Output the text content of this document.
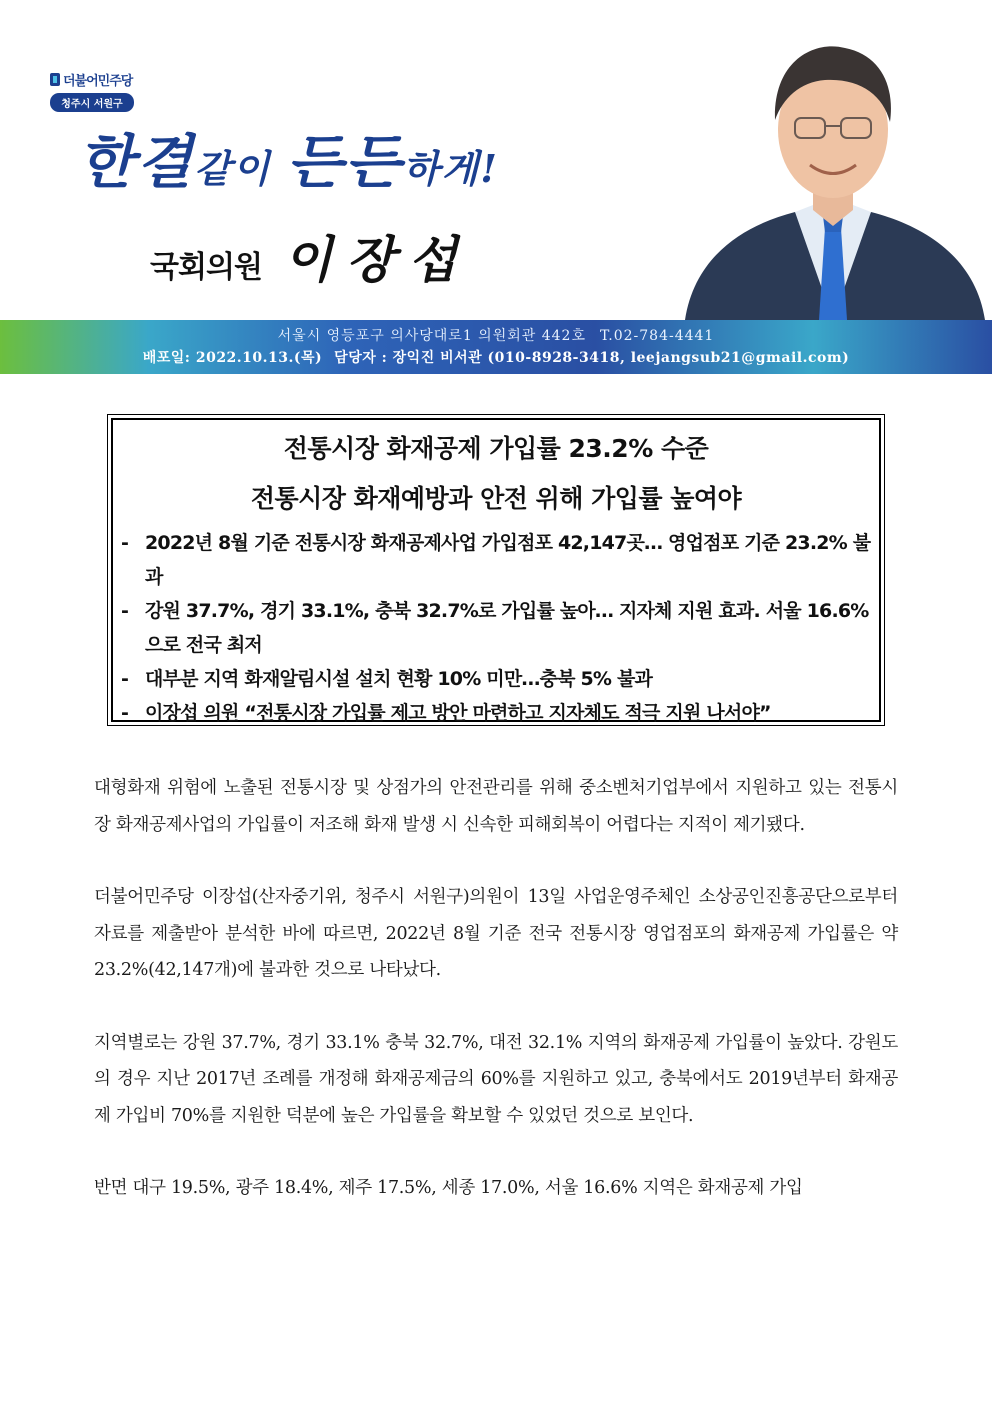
더불어민주당
청주시 서원구
한결같이 든든하게!
국회의원 이장섭
서울시 영등포구 의사당대로1 의원회관 442호 T.02-784-4441
배포일: 2022.10.13.(목) 담당자 : 장익진 비서관 (010-8928-3418, leejangsub21@gmail.com)
전통시장 화재공제 가입률 23.2% 수준
전통시장 화재예방과 안전 위해 가입률 높여야
- 2022년 8월 기준 전통시장 화재공제사업 가입점포 42,147곳… 영업점포 기준 23.2% 불과
- 강원 37.7%, 경기 33.1%, 충북 32.7%로 가입률 높아… 지자체 지원 효과. 서울 16.6%으로 전국 최저
- 대부분 지역 화재알림시설 설치 현황 10% 미만…충북 5% 불과
- 이장섭 의원 “전통시장 가입률 제고 방안 마련하고 지자체도 적극 지원 나서야”

대형화재 위험에 노출된 전통시장 및 상점가의 안전관리를 위해 중소벤처기업부에서 지원하고 있는 전통시장 화재공제사업의 가입률이 저조해 화재 발생 시 신속한 피해회복이 어렵다는 지적이 제기됐다.

더불어민주당 이장섭(산자중기위, 청주시 서원구)의원이 13일 사업운영주체인 소상공인진흥공단으로부터 자료를 제출받아 분석한 바에 따르면, 2022년 8월 기준 전국 전통시장 영업점포의 화재공제 가입률은 약 23.2%(42,147개)에 불과한 것으로 나타났다.

지역별로는 강원 37.7%, 경기 33.1% 충북 32.7%, 대전 32.1% 지역의 화재공제 가입률이 높았다. 강원도의 경우 지난 2017년 조례를 개정해 화재공제금의 60%를 지원하고 있고, 충북에서도 2019년부터 화재공제 가입비 70%를 지원한 덕분에 높은 가입률을 확보할 수 있었던 것으로 보인다.

반면 대구 19.5%, 광주 18.4%, 제주 17.5%, 세종 17.0%, 서울 16.6% 지역은 화재공제 가입
